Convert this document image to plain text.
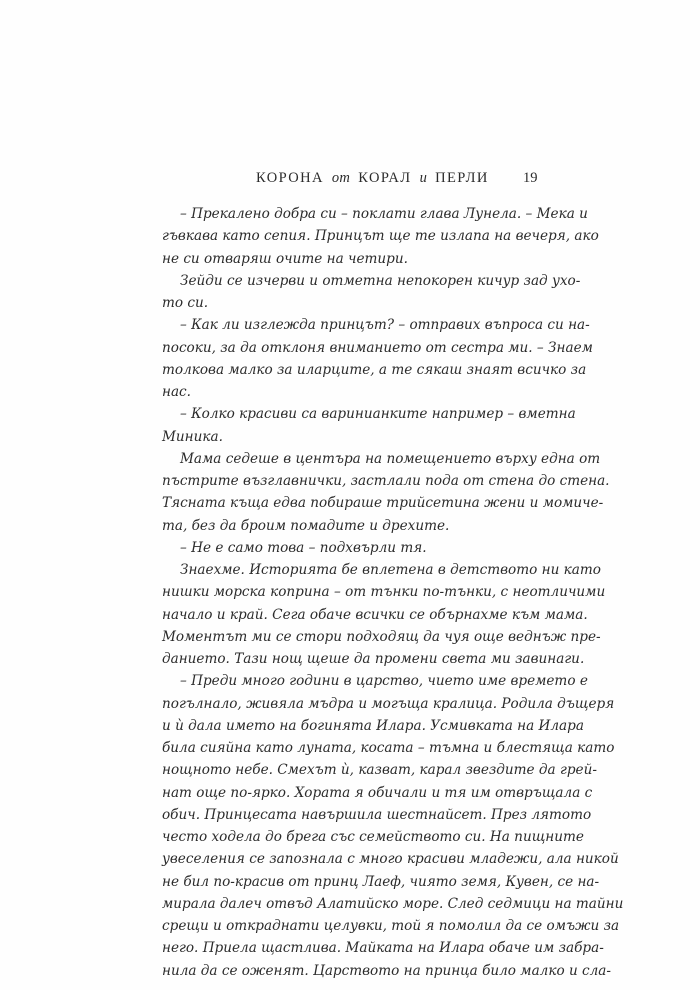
КОРОНА от КОРАЛ и ПЕРЛИ 19
– Прекалено добра си – поклати глава Лунела. – Мека и
гъвкава като сепия. Принцът ще те излапа на вечеря, ако
не си отваряш очите на четири.
Зейди се изчерви и отметна непокорен кичур зад ухо-
то си.
– Как ли изглежда принцът? – отправих въпроса си на-
посоки, за да отклоня вниманието от сестра ми. – Знаем
толкова малко за иларците, а те сякаш знаят всичко за
нас.
– Колко красиви са варинианките например – вметна
Миника.
Мама седеше в центъра на помещението върху една от
пъстрите възглавнички, застлали пода от стена до стена.
Тясната къща едва побираше трийсетина жени и момиче-
та, без да броим помадите и дрехите.
– Не е само това – подхвърли тя.
Знаехме. Историята бе вплетена в детството ни като
нишки морска коприна – от тънки по-тънки, с неотличими
начало и край. Сега обаче всички се обърнахме към мама.
Моментът ми се стори подходящ да чуя още веднъж пре-
данието. Тази нощ щеше да промени света ми завинаги.
– Преди много години в царство, чието име времето е
погълнало, живяла мъдра и могъща кралица. Родила дъщеря
и ѝ дала името на богинята Илара. Усмивката на Илара
била сияйна като луната, косата – тъмна и блестяща като
нощното небе. Смехът ѝ, казват, карал звездите да грей-
нат още по-ярко. Хората я обичали и тя им отвръщала с
обич. Принцесата навършила шестнайсет. През лятото
често ходела до брега със семейството си. На пищните
увеселения се запознала с много красиви младежи, ала никой
не бил по-красив от принц Лаеф, чиято земя, Кувен, се на-
мирала далеч отвъд Алатийско море. След седмици на тайни
срещи и откраднати целувки, той я помолил да се омъжи за
него. Приела щастлива. Майката на Илара обаче им забра-
нила да се оженят. Царството на принца било малко и сла-
